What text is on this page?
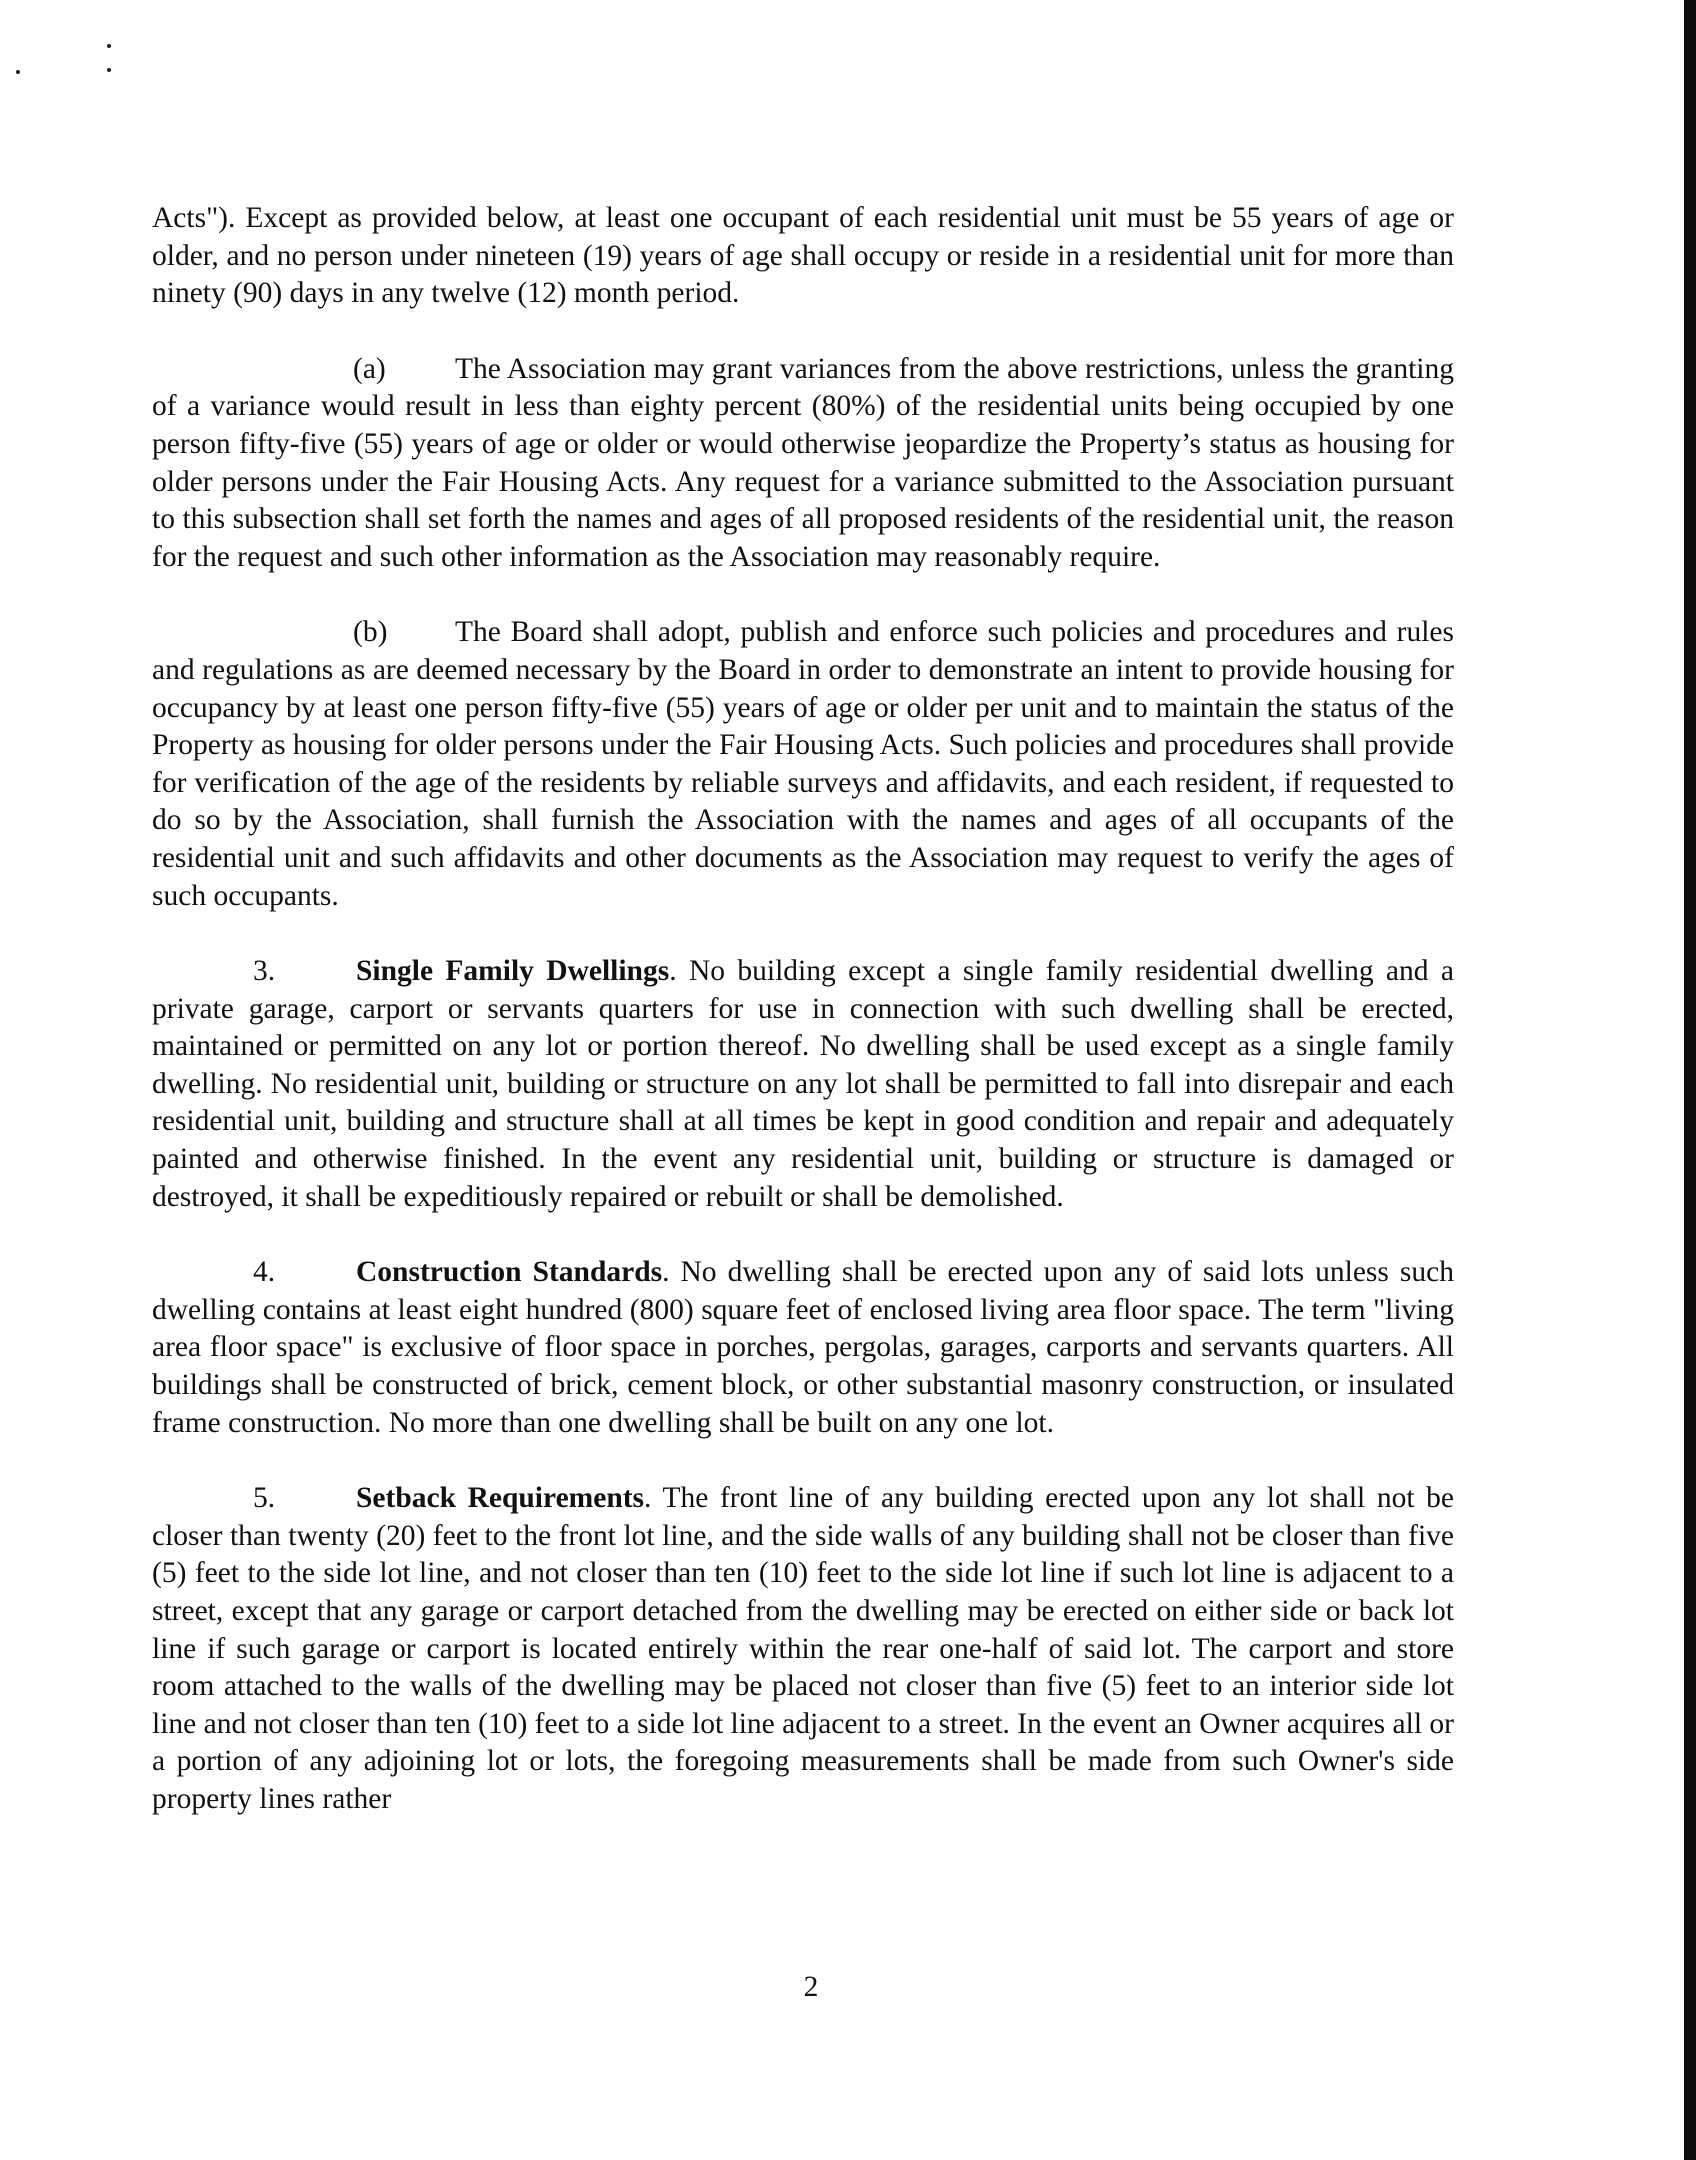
Acts"). Except as provided below, at least one occupant of each residential unit must be 55 years of age or older, and no person under nineteen (19) years of age shall occupy or reside in a residential unit for more than ninety (90) days in any twelve (12) month period.

(a) The Association may grant variances from the above restrictions, unless the granting of a variance would result in less than eighty percent (80%) of the residential units being occupied by one person fifty-five (55) years of age or older or would otherwise jeopardize the Property’s status as housing for older persons under the Fair Housing Acts. Any request for a variance submitted to the Association pursuant to this subsection shall set forth the names and ages of all proposed residents of the residential unit, the reason for the request and such other information as the Association may reasonably require.

(b) The Board shall adopt, publish and enforce such policies and procedures and rules and regulations as are deemed necessary by the Board in order to demonstrate an intent to provide housing for occupancy by at least one person fifty-five (55) years of age or older per unit and to maintain the status of the Property as housing for older persons under the Fair Housing Acts. Such policies and procedures shall provide for verification of the age of the residents by reliable surveys and affidavits, and each resident, if requested to do so by the Association, shall furnish the Association with the names and ages of all occupants of the residential unit and such affidavits and other documents as the Association may request to verify the ages of such occupants.

3.	Single Family Dwellings. No building except a single family residential dwelling and a private garage, carport or servants quarters for use in connection with such dwelling shall be erected, maintained or permitted on any lot or portion thereof. No dwelling shall be used except as a single family dwelling. No residential unit, building or structure on any lot shall be permitted to fall into disrepair and each residential unit, building and structure shall at all times be kept in good condition and repair and adequately painted and otherwise finished. In the event any residential unit, building or structure is damaged or destroyed, it shall be expeditiously repaired or rebuilt or shall be demolished.

4.	Construction Standards. No dwelling shall be erected upon any of said lots unless such dwelling contains at least eight hundred (800) square feet of enclosed living area floor space. The term "living area floor space" is exclusive of floor space in porches, pergolas, garages, carports and servants quarters. All buildings shall be constructed of brick, cement block, or other substantial masonry construction, or insulated frame construction. No more than one dwelling shall be built on any one lot.

5.	Setback Requirements. The front line of any building erected upon any lot shall not be closer than twenty (20) feet to the front lot line, and the side walls of any building shall not be closer than five (5) feet to the side lot line, and not closer than ten (10) feet to the side lot line if such lot line is adjacent to a street, except that any garage or carport detached from the dwelling may be erected on either side or back lot line if such garage or carport is located entirely within the rear one-half of said lot. The carport and store room attached to the walls of the dwelling may be placed not closer than five (5) feet to an interior side lot line and not closer than ten (10) feet to a side lot line adjacent to a street. In the event an Owner acquires all or a portion of any adjoining lot or lots, the foregoing measurements shall be made from such Owner's side property lines rather

2
